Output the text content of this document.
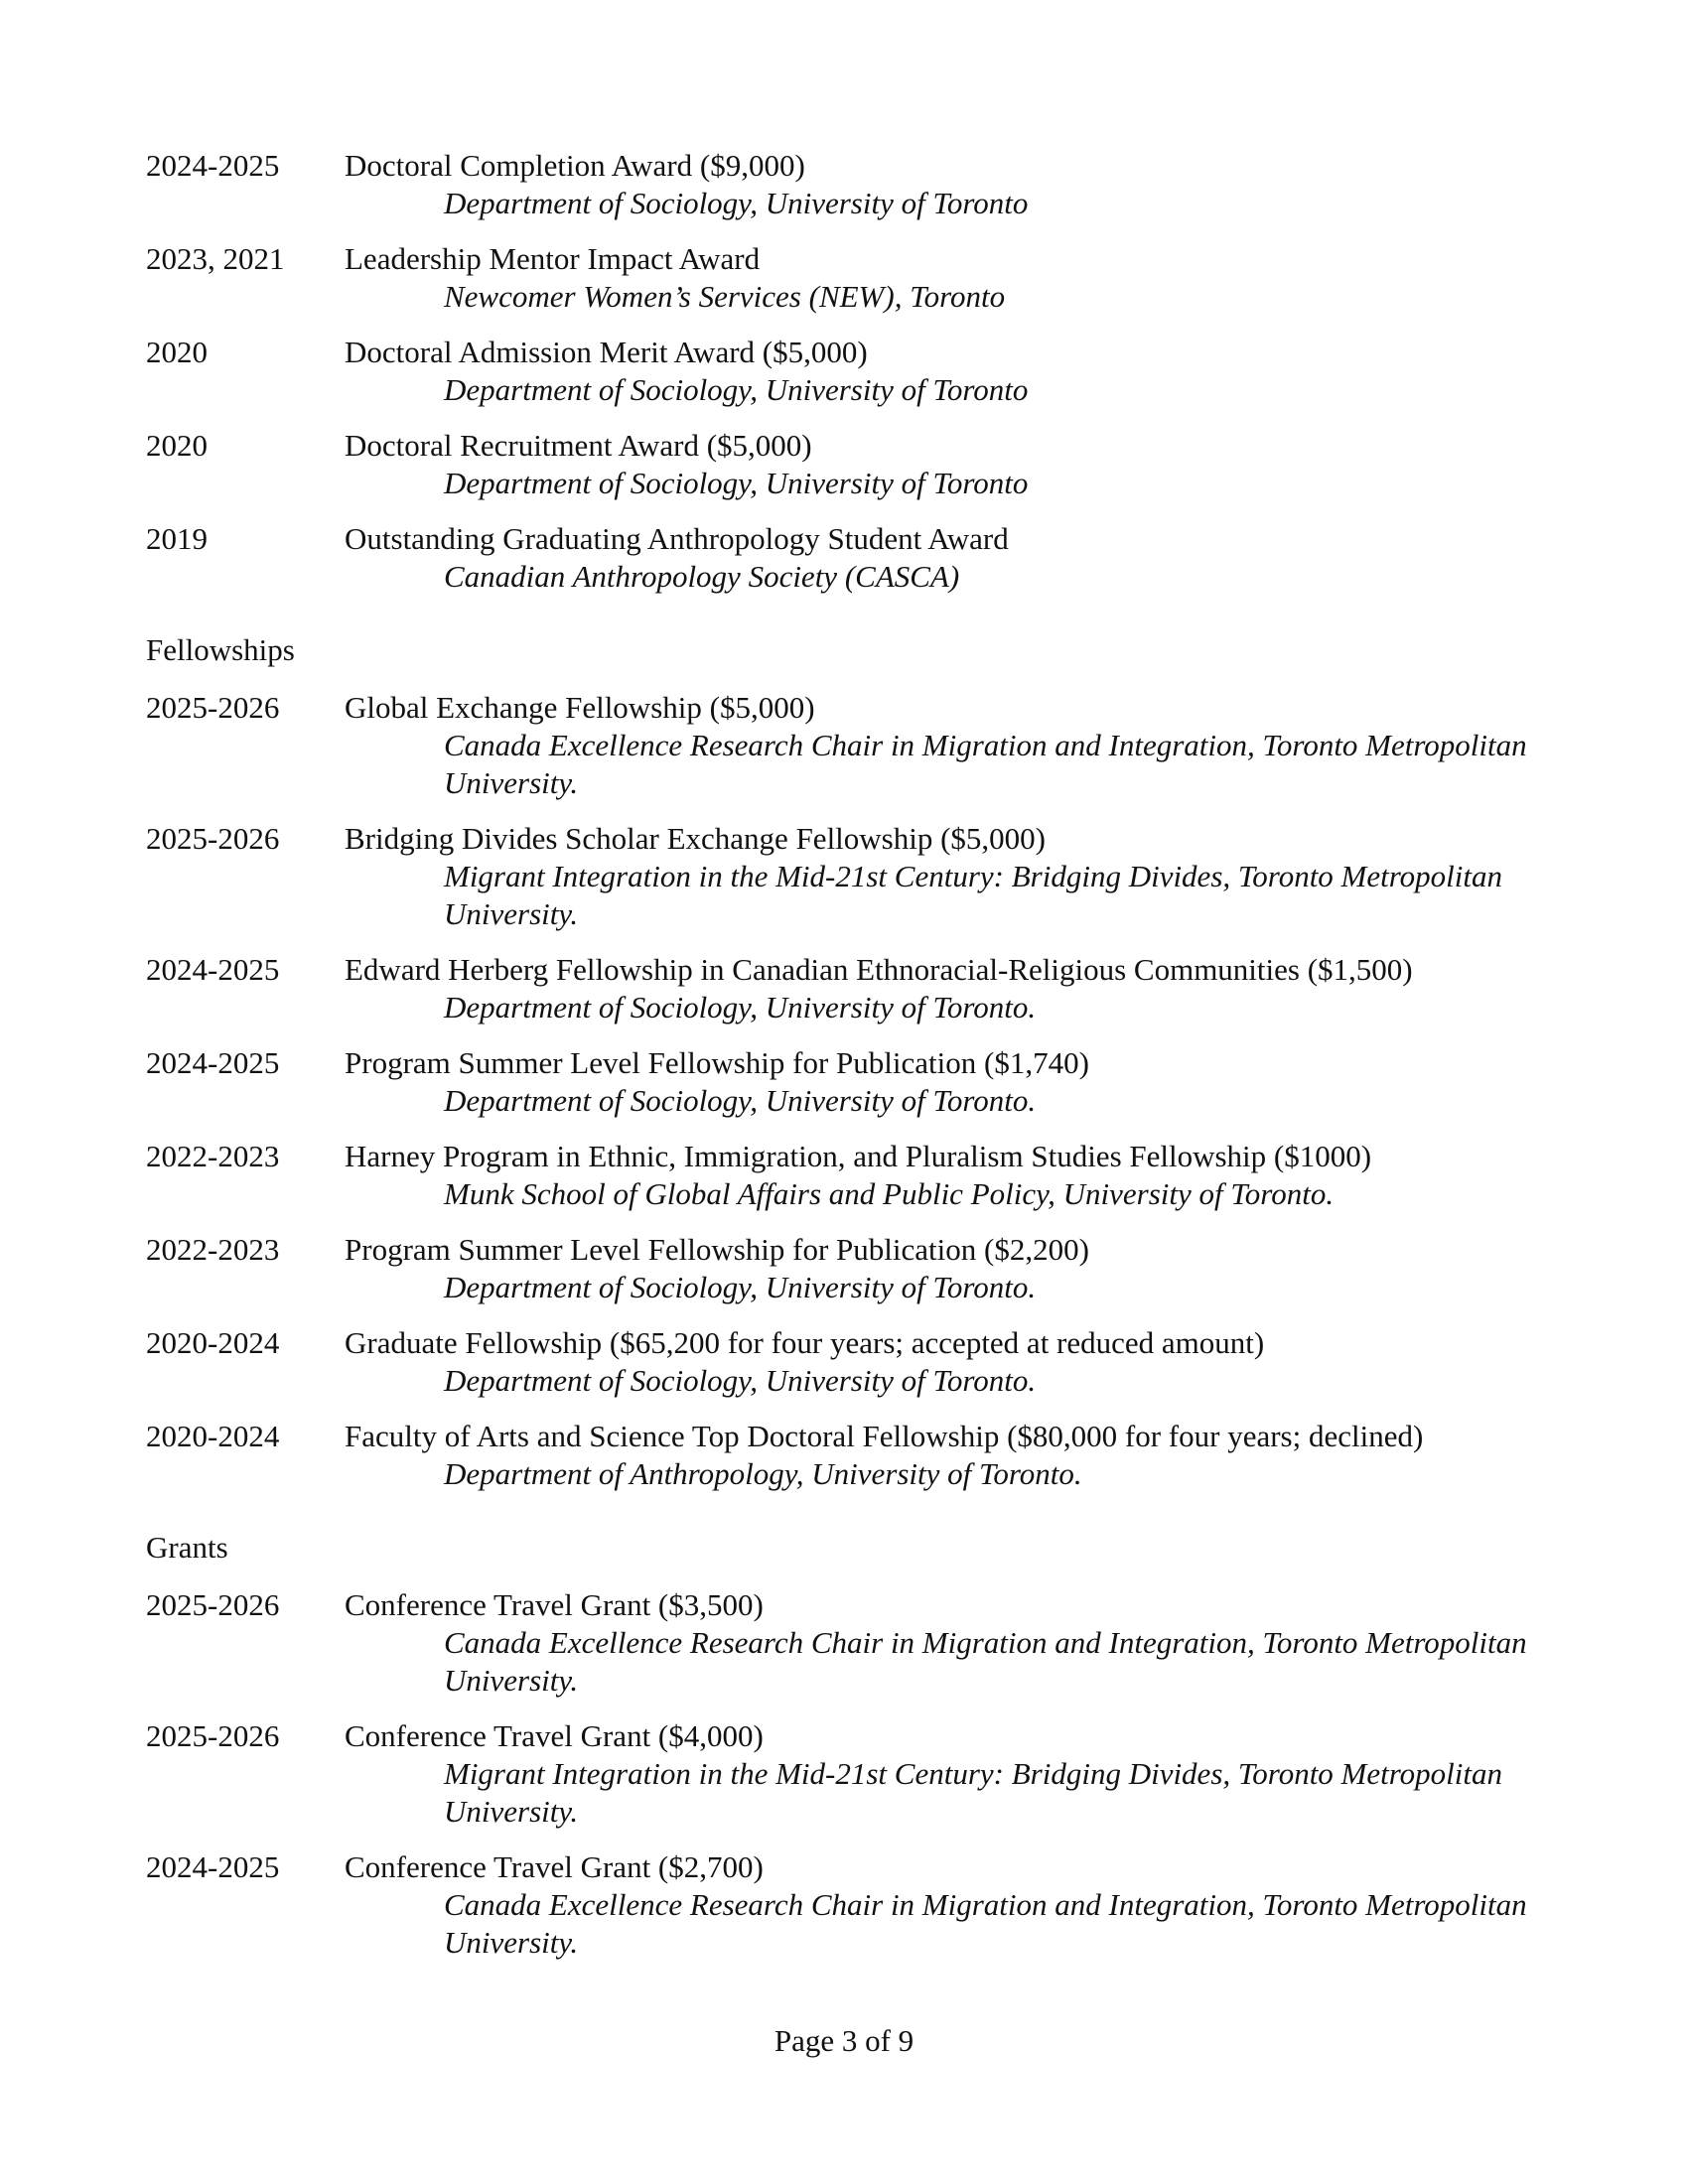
2024-2025	Doctoral Completion Award ($9,000)
Department of Sociology, University of Toronto
2023, 2021	Leadership Mentor Impact Award
Newcomer Women’s Services (NEW), Toronto
2020	Doctoral Admission Merit Award ($5,000)
Department of Sociology, University of Toronto
2020	Doctoral Recruitment Award ($5,000)
Department of Sociology, University of Toronto
2019	Outstanding Graduating Anthropology Student Award
Canadian Anthropology Society (CASCA)
Fellowships
2025-2026	Global Exchange Fellowship ($5,000)
Canada Excellence Research Chair in Migration and Integration, Toronto Metropolitan University.
2025-2026	Bridging Divides Scholar Exchange Fellowship ($5,000)
Migrant Integration in the Mid-21st Century: Bridging Divides, Toronto Metropolitan University.
2024-2025	Edward Herberg Fellowship in Canadian Ethnoracial-Religious Communities ($1,500)
Department of Sociology, University of Toronto.
2024-2025	Program Summer Level Fellowship for Publication ($1,740)
Department of Sociology, University of Toronto.
2022-2023	Harney Program in Ethnic, Immigration, and Pluralism Studies Fellowship ($1000)
Munk School of Global Affairs and Public Policy, University of Toronto.
2022-2023	Program Summer Level Fellowship for Publication ($2,200)
Department of Sociology, University of Toronto.
2020-2024	Graduate Fellowship ($65,200 for four years; accepted at reduced amount)
Department of Sociology, University of Toronto.
2020-2024	Faculty of Arts and Science Top Doctoral Fellowship ($80,000 for four years; declined)
Department of Anthropology, University of Toronto.
Grants
2025-2026	Conference Travel Grant ($3,500)
Canada Excellence Research Chair in Migration and Integration, Toronto Metropolitan University.
2025-2026	Conference Travel Grant ($4,000)
Migrant Integration in the Mid-21st Century: Bridging Divides, Toronto Metropolitan University.
2024-2025	Conference Travel Grant ($2,700)
Canada Excellence Research Chair in Migration and Integration, Toronto Metropolitan University.
Page 3 of 9
